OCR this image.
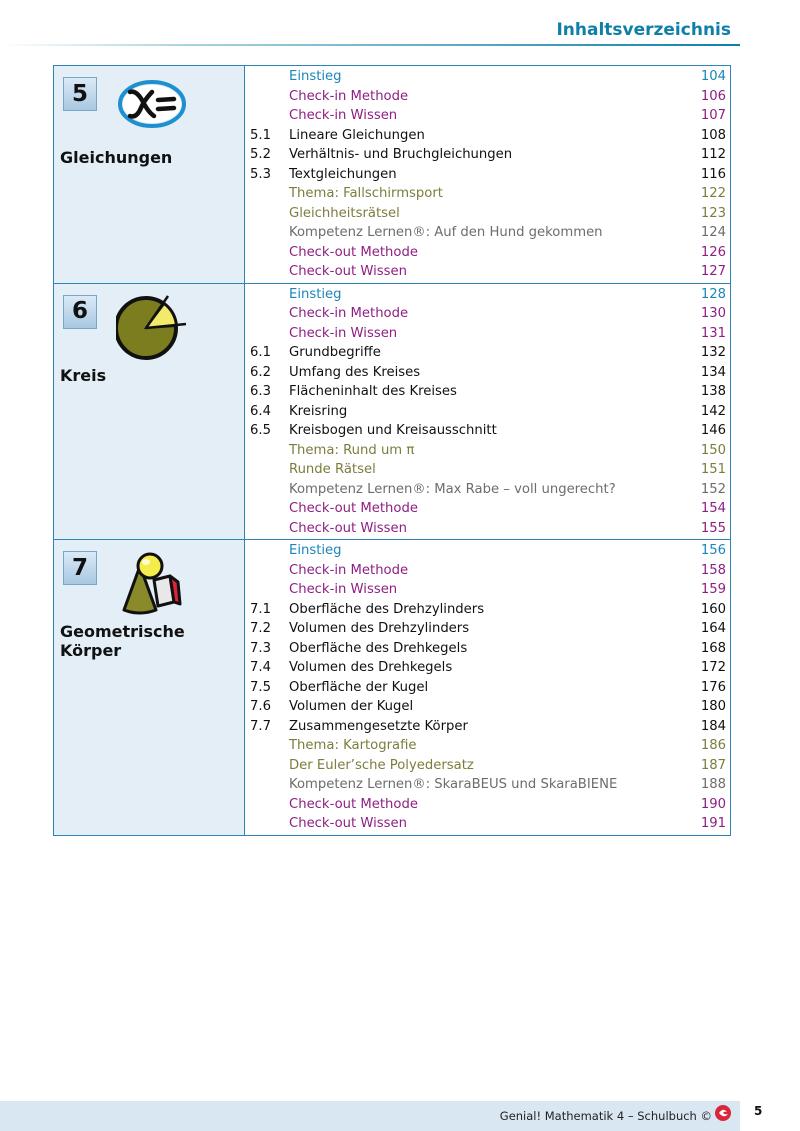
Inhaltsverzeichnis
5
Gleichungen
Einstieg	104
Check-in Methode	106
Check-in Wissen	107
5.1	Lineare Gleichungen	108
5.2	Verhältnis- und Bruchgleichungen	112
5.3	Textgleichungen	116
Thema: Fallschirmsport	122
Gleichheitsrätsel	123
Kompetenz Lernen®: Auf den Hund gekommen	124
Check-out Methode	126
Check-out Wissen	127
6
Kreis
Einstieg	128
Check-in Methode	130
Check-in Wissen	131
6.1	Grundbegriffe	132
6.2	Umfang des Kreises	134
6.3	Flächeninhalt des Kreises	138
6.4	Kreisring	142
6.5	Kreisbogen und Kreisausschnitt	146
Thema: Rund um π	150
Runde Rätsel	151
Kompetenz Lernen®: Max Rabe – voll ungerecht?	152
Check-out Methode	154
Check-out Wissen	155
7
Geometrische Körper
Einstieg	156
Check-in Methode	158
Check-in Wissen	159
7.1	Oberfläche des Drehzylinders	160
7.2	Volumen des Drehzylinders	164
7.3	Oberfläche des Drehkegels	168
7.4	Volumen des Drehkegels	172
7.5	Oberfläche der Kugel	176
7.6	Volumen der Kugel	180
7.7	Zusammengesetzte Körper	184
Thema: Kartografie	186
Der Euler’sche Polyedersatz	187
Kompetenz Lernen®: SkaraBEUS und SkaraBIENE	188
Check-out Methode	190
Check-out Wissen	191
Genial! Mathematik 4 – Schulbuch ©	5
